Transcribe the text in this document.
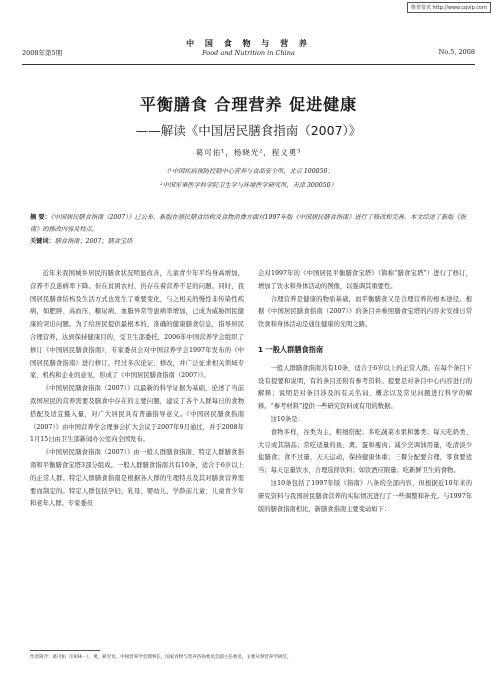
维普资讯 http://www.cqvip.com
2008年第5期
中 国 食 物 与 营 养
Food and Nutrition in China	No.5, 2008
平衡膳食 合理营养 促进健康
——解读《中国居民膳食指南（2007）》
葛可佑¹，杨晓光²，程义勇³
（¹中国疾病预防控制中心营养与食品安全所，北京 100050；
²中国军事医学科学院卫生学与环境医学研究所，天津 300050）
摘 要：《中国居民膳食指南（2007）》已公布，新版在居民膳食结构及食物消费方面对1997年版《中国居民膳食指南》进行了修改和完善。本文综述了新版《指南》的修改内容及特点。
关键词：膳食指南；2007；膳食宝塔

近年来我国城乡居民的膳食状况明显改善，儿童青少年平均身高增加，营养不良患病率下降。但在贫困农村，仍存在着营养不足的问题。同时，我国居民膳食结构及生活方式也发生了重要变化，与之相关的慢性非传染性疾病，如肥胖、高血压、糖尿病、血脂异常等患病率增加，已成为威胁国民健康的突出问题。为了给居民提供最根本的、准确的健康膳食信息，指导居民合理营养，达到保持健康目的，受卫生部委托，2006年中国营养学会组织了修订《中国居民膳食指南》，专家委员会对中国营养学会1997年发布的《中国居民膳食指南》进行修订，经过多次论证、修改，并广泛征求相关领域专家、机构和企业的意见，形成了《中国居民膳食指南（2007）》。

《中国居民膳食指南（2007）》以最新的科学证据为基础，论述了当前我国居民的营养需要及膳食中存在的主要问题，建议了各个人群每日的食物搭配及适宜摄入量，对广大居民具有普遍指导意义。《中国居民膳食指南（2007）》由中国营养学会理事会扩大会议于2007年9月通过，并于2008年1月15日由卫生部新闻办公室向全国发布。

《中国居民膳食指南（2007）》由一般人群膳食指南、特定人群膳食指南和平衡膳食宝塔3部分组成。一般人群膳食指南共有10条，适合于6岁以上的正常人群。特定人群膳食指南是根据各人群的生理特点及其对膳食营养需要而制定的。特定人群包括孕妇、乳母、婴幼儿、学龄前儿童、儿童青少年和老年人群。专家委员

会对1997年的《中国居民平衡膳食宝塔》（简称“膳食宝塔”）进行了修订，增加了饮水和身体活动的图像，以强调其重要性。

合理营养是健康的物质基础，而平衡膳食又是合理营养的根本途径。根据《中国居民膳食指南（2007）》的条目并参照膳食宝塔的内容来安排日常饮食和身体活动是通往健康的光明之路。

1 一般人群膳食指南

一般人群膳食指南共有10条，适合于6岁以上的正常人群。在每个条目下设有提要和说明，有的条目还附有参考资料。提要是对条目中心内容进行的解释；说明是对条目涉及的有关名词、概念以及常见问题进行科学的解释。“参考材料”提供一些研究资料或有用的数据。

这10条是：

食物多样，谷类为主，粗细搭配；多吃蔬菜水果和薯类；每天吃奶类、大豆或其制品；常吃适量的鱼、禽、蛋和瘦肉；减少烹调油用量，吃清淡少盐膳食；食不过量，天天运动，保持健康体重；三餐分配要合理，零食要适当；每天足量饮水，合理选择饮料；如饮酒应限量；吃新鲜卫生的食物。

这10条包括了1997年版《指南》八条的全部内容，但根据近10年来的研究资料与我国居民膳食营养的实际情况进行了一些调整和补充。与1997年版的膳食指南相比，新膳食指南主要变动如下：

作者简介：葛可佑（1934－），男，研究员，中国营养学会理事长，国家食物与营养咨询委员会副主任委员，主要从事营养学研究。
